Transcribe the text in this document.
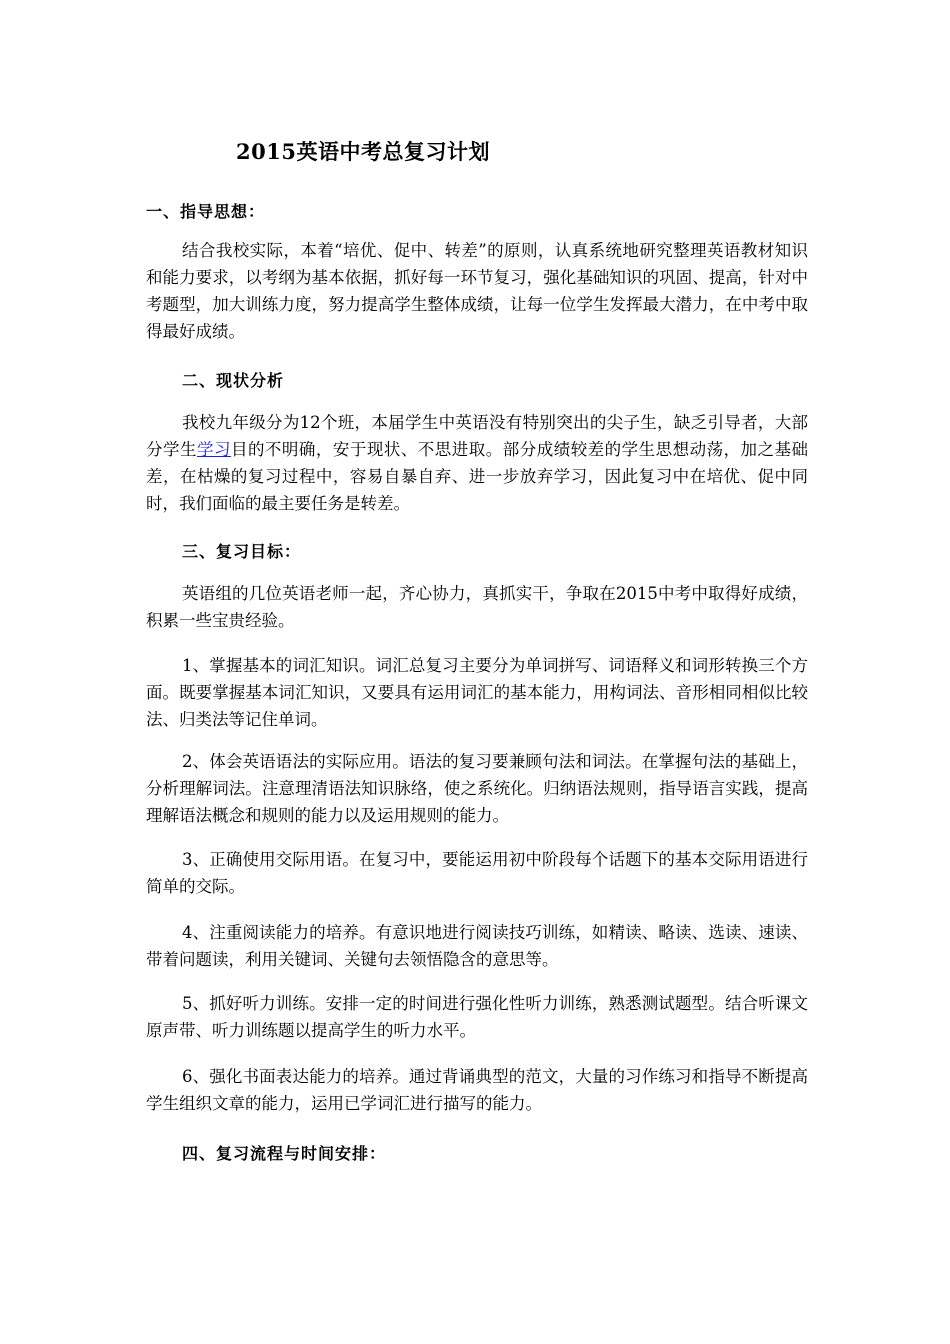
2015英语中考总复习计划
一、指导思想：

结合我校实际，本着“培优、促中、转差”的原则，认真系统地研究整理英语教材知识和能力要求，以考纲为基本依据，抓好每一环节复习，强化基础知识的巩固、提高，针对中考题型，加大训练力度，努力提高学生整体成绩，让每一位学生发挥最大潜力，在中考中取得最好成绩。

二、现状分析

我校九年级分为12个班，本届学生中英语没有特别突出的尖子生，缺乏引导者，大部分学生学习目的不明确，安于现状、不思进取。部分成绩较差的学生思想动荡，加之基础差，在枯燥的复习过程中，容易自暴自弃、进一步放弃学习，因此复习中在培优、促中同时，我们面临的最主要任务是转差。

三、复习目标：

英语组的几位英语老师一起，齐心协力，真抓实干，争取在2015中考中取得好成绩，积累一些宝贵经验。

1、掌握基本的词汇知识。词汇总复习主要分为单词拼写、词语释义和词形转换三个方面。既要掌握基本词汇知识，又要具有运用词汇的基本能力，用构词法、音形相同相似比较法、归类法等记住单词。

2、体会英语语法的实际应用。语法的复习要兼顾句法和词法。在掌握句法的基础上，分析理解词法。注意理清语法知识脉络，使之系统化。归纳语法规则，指导语言实践，提高理解语法概念和规则的能力以及运用规则的能力。

3、正确使用交际用语。在复习中，要能运用初中阶段每个话题下的基本交际用语进行简单的交际。

4、注重阅读能力的培养。有意识地进行阅读技巧训练，如精读、略读、选读、速读、带着问题读，利用关键词、关键句去领悟隐含的意思等。

5、抓好听力训练。安排一定的时间进行强化性听力训练，熟悉测试题型。结合听课文原声带、听力训练题以提高学生的听力水平。

6、强化书面表达能力的培养。通过背诵典型的范文，大量的习作练习和指导不断提高学生组织文章的能力，运用已学词汇进行描写的能力。

四、复习流程与时间安排：
